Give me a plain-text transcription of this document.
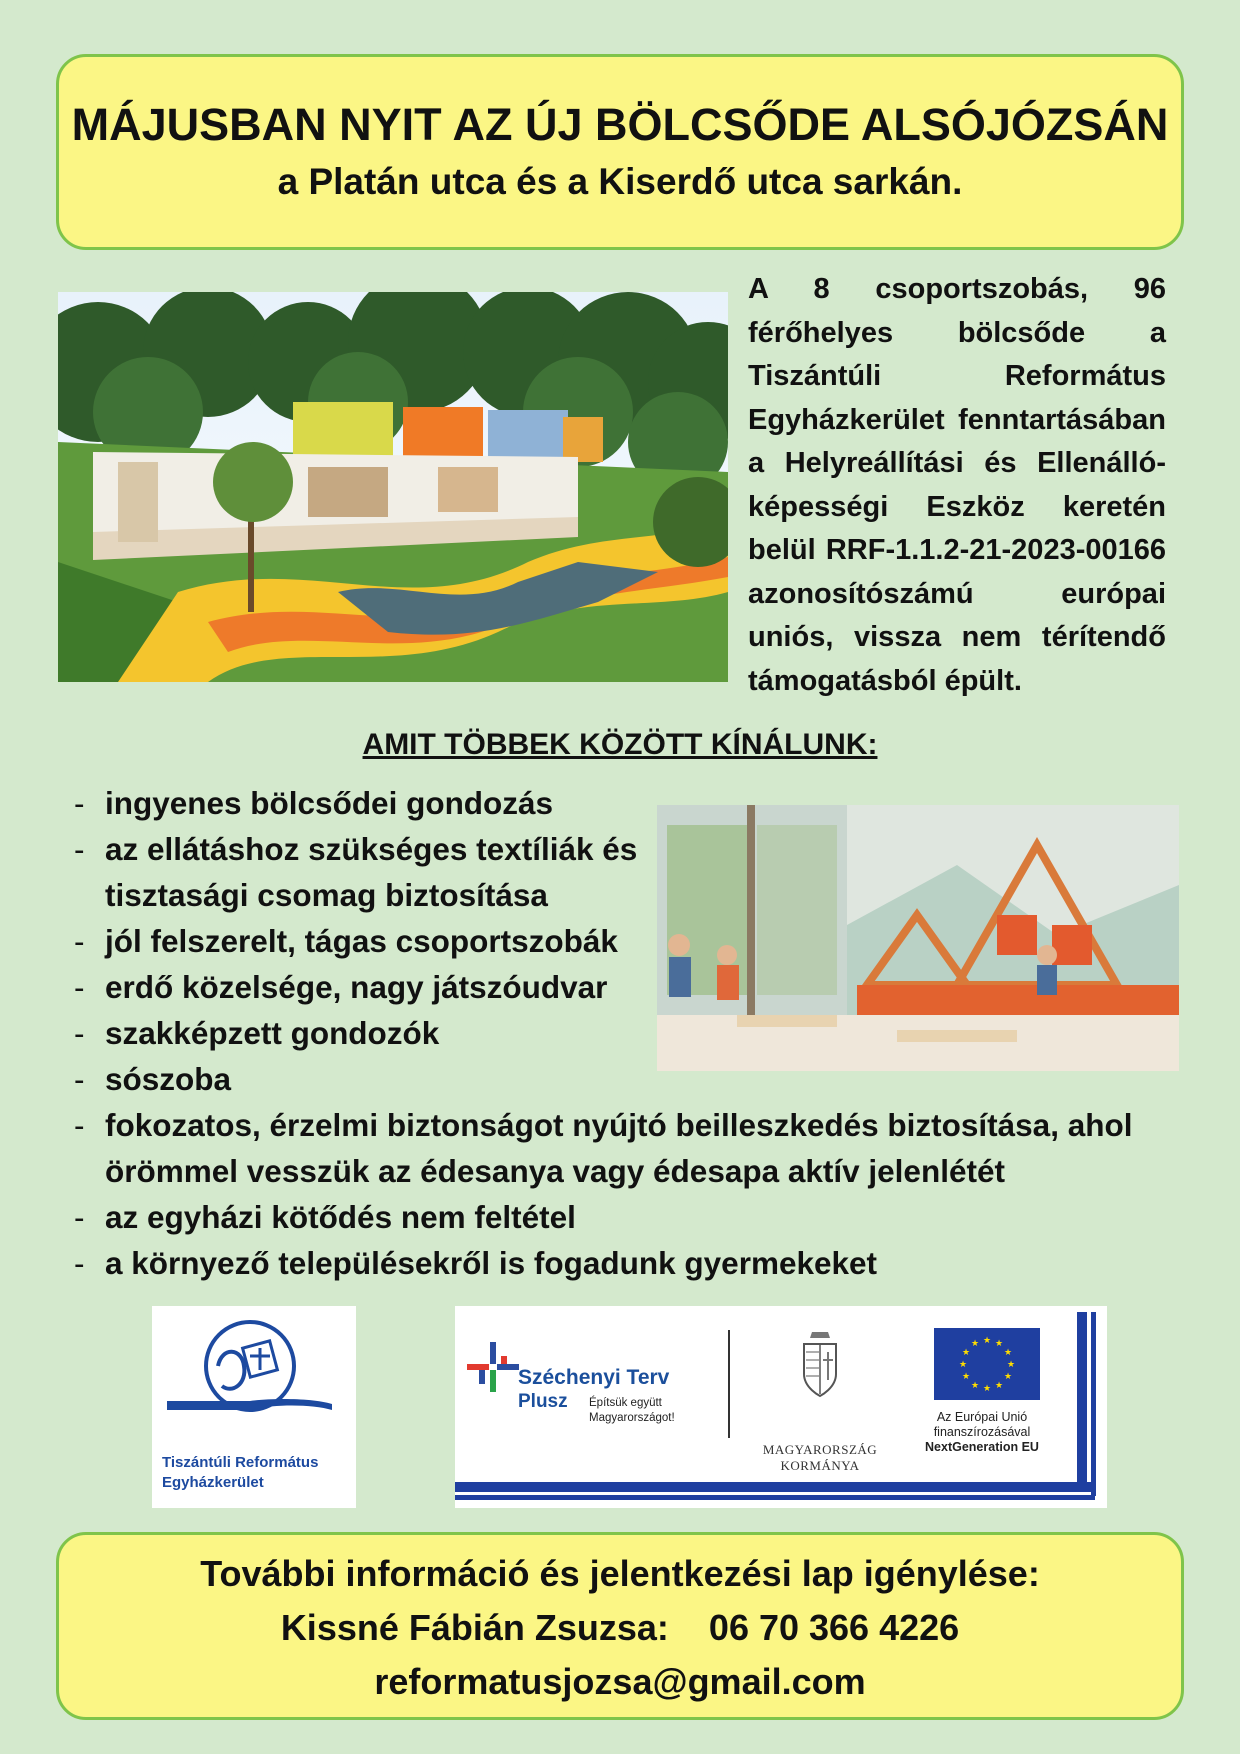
MÁJUSBAN NYIT AZ ÚJ BÖLCSŐDE ALSÓJÓZSÁN
a Platán utca és a Kiserdő utca sarkán.
A 8 csoportszobás, 96 férőhelyes bölcsőde a Tiszántúli Református Egyházkerület fenntartásában a Helyreállítási és Ellenálló-képességi Eszköz keretén belül RRF-1.1.2-21-2023-00166 azonosítószámú európai uniós, vissza nem térítendő támogatásból épült.
AMIT TÖBBEK KÖZÖTT KÍNÁLUNK:
- ingyenes bölcsődei gondozás
- az ellátáshoz szükséges textíliák és tisztasági csomag biztosítása
- jól felszerelt, tágas csoportszobák
- erdő közelsége, nagy játszóudvar
- szakképzett gondozók
- sószoba
- fokozatos, érzelmi biztonságot nyújtó beilleszkedés biztosítása, ahol örömmel vesszük az édesanya vagy édesapa aktív jelenlétét
- az egyházi kötődés nem feltétel
- a környező településekről is fogadunk gyermekeket
Tiszántúli Református
Egyházkerület
Széchenyi Terv
Plusz Építsük együtt
Magyarországot!
MAGYARORSZÁG
KORMÁNYA
★ ★
★
★
★
★
★
★
★
★
★
★
Az Európai Unió
finanszírozásával
NextGeneration EU

További információ és jelentkezési lap igénylése:

Kissné Fábián Zsuzsa: 06 70 366 4226

reformatusjozsa@gmail.com
